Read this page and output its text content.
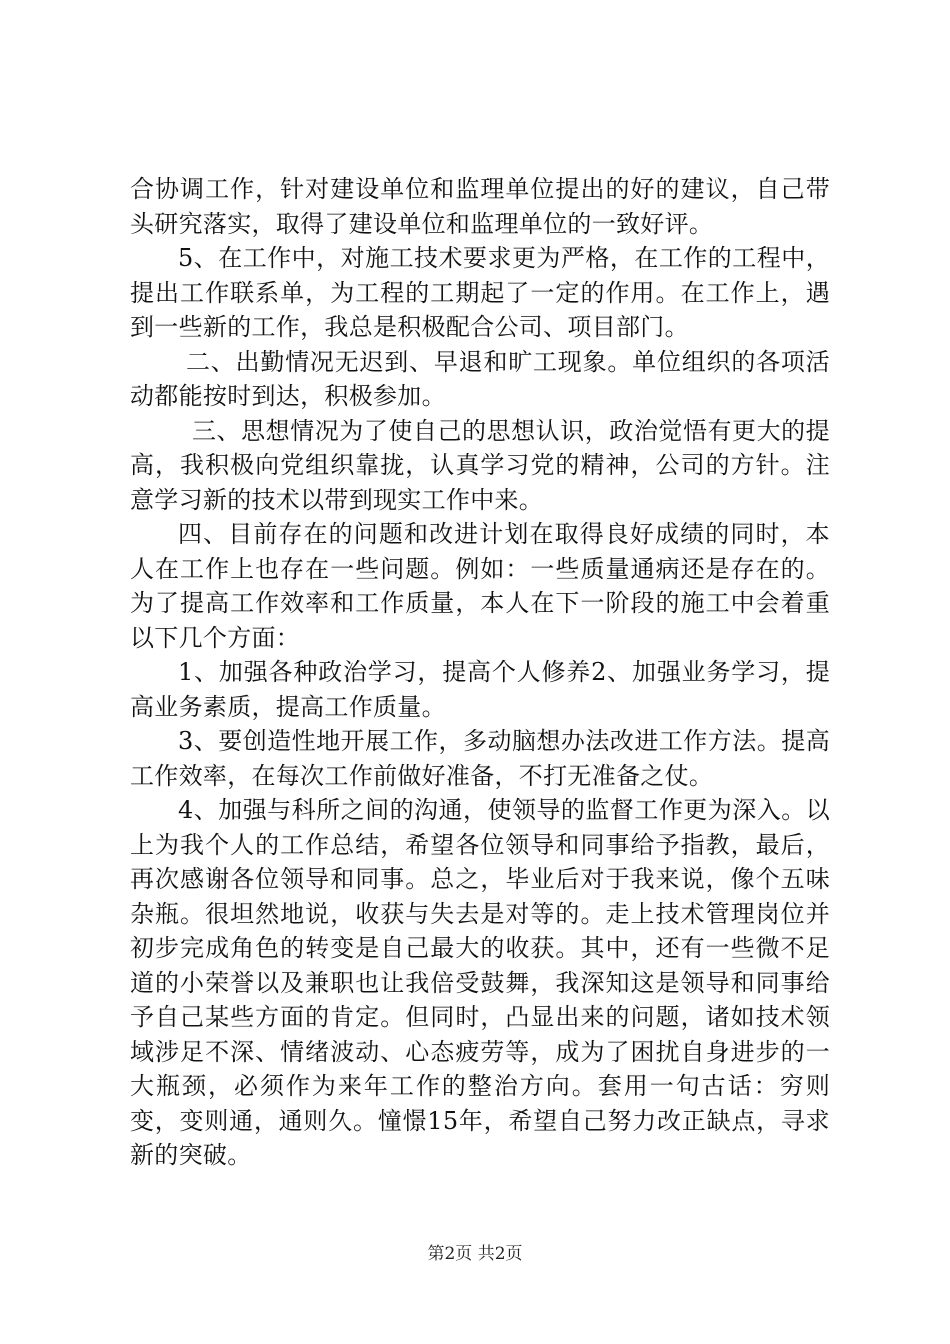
合协调工作，针对建设单位和监理单位提出的好的建议，自己带头研究落实，取得了建设单位和监理单位的一致好评。

5、在工作中，对施工技术要求更为严格，在工作的工程中，提出工作联系单，为工程的工期起了一定的作用。在工作上，遇到一些新的工作，我总是积极配合公司、项目部门。

二、出勤情况无迟到、早退和旷工现象。单位组织的各项活动都能按时到达，积极参加。

三、思想情况为了使自己的思想认识，政治觉悟有更大的提高，我积极向党组织靠拢，认真学习党的精神，公司的方针。注意学习新的技术以带到现实工作中来。

四、目前存在的问题和改进计划在取得良好成绩的同时，本人在工作上也存在一些问题。例如：一些质量通病还是存在的。为了提高工作效率和工作质量，本人在下一阶段的施工中会着重以下几个方面：

1、加强各种政治学习，提高个人修养2、加强业务学习，提高业务素质，提高工作质量。

3、要创造性地开展工作，多动脑想办法改进工作方法。提高工作效率，在每次工作前做好准备，不打无准备之仗。

4、加强与科所之间的沟通，使领导的监督工作更为深入。以上为我个人的工作总结，希望各位领导和同事给予指教，最后，再次感谢各位领导和同事。总之，毕业后对于我来说，像个五味杂瓶。很坦然地说，收获与失去是对等的。走上技术管理岗位并初步完成角色的转变是自己最大的收获。其中，还有一些微不足道的小荣誉以及兼职也让我倍受鼓舞，我深知这是领导和同事给予自己某些方面的肯定。但同时，凸显出来的问题，诸如技术领域涉足不深、情绪波动、心态疲劳等，成为了困扰自身进步的一大瓶颈，必须作为来年工作的整治方向。套用一句古话：穷则变，变则通，通则久。憧憬15年，希望自己努力改正缺点，寻求新的突破。

第2页 共2页
